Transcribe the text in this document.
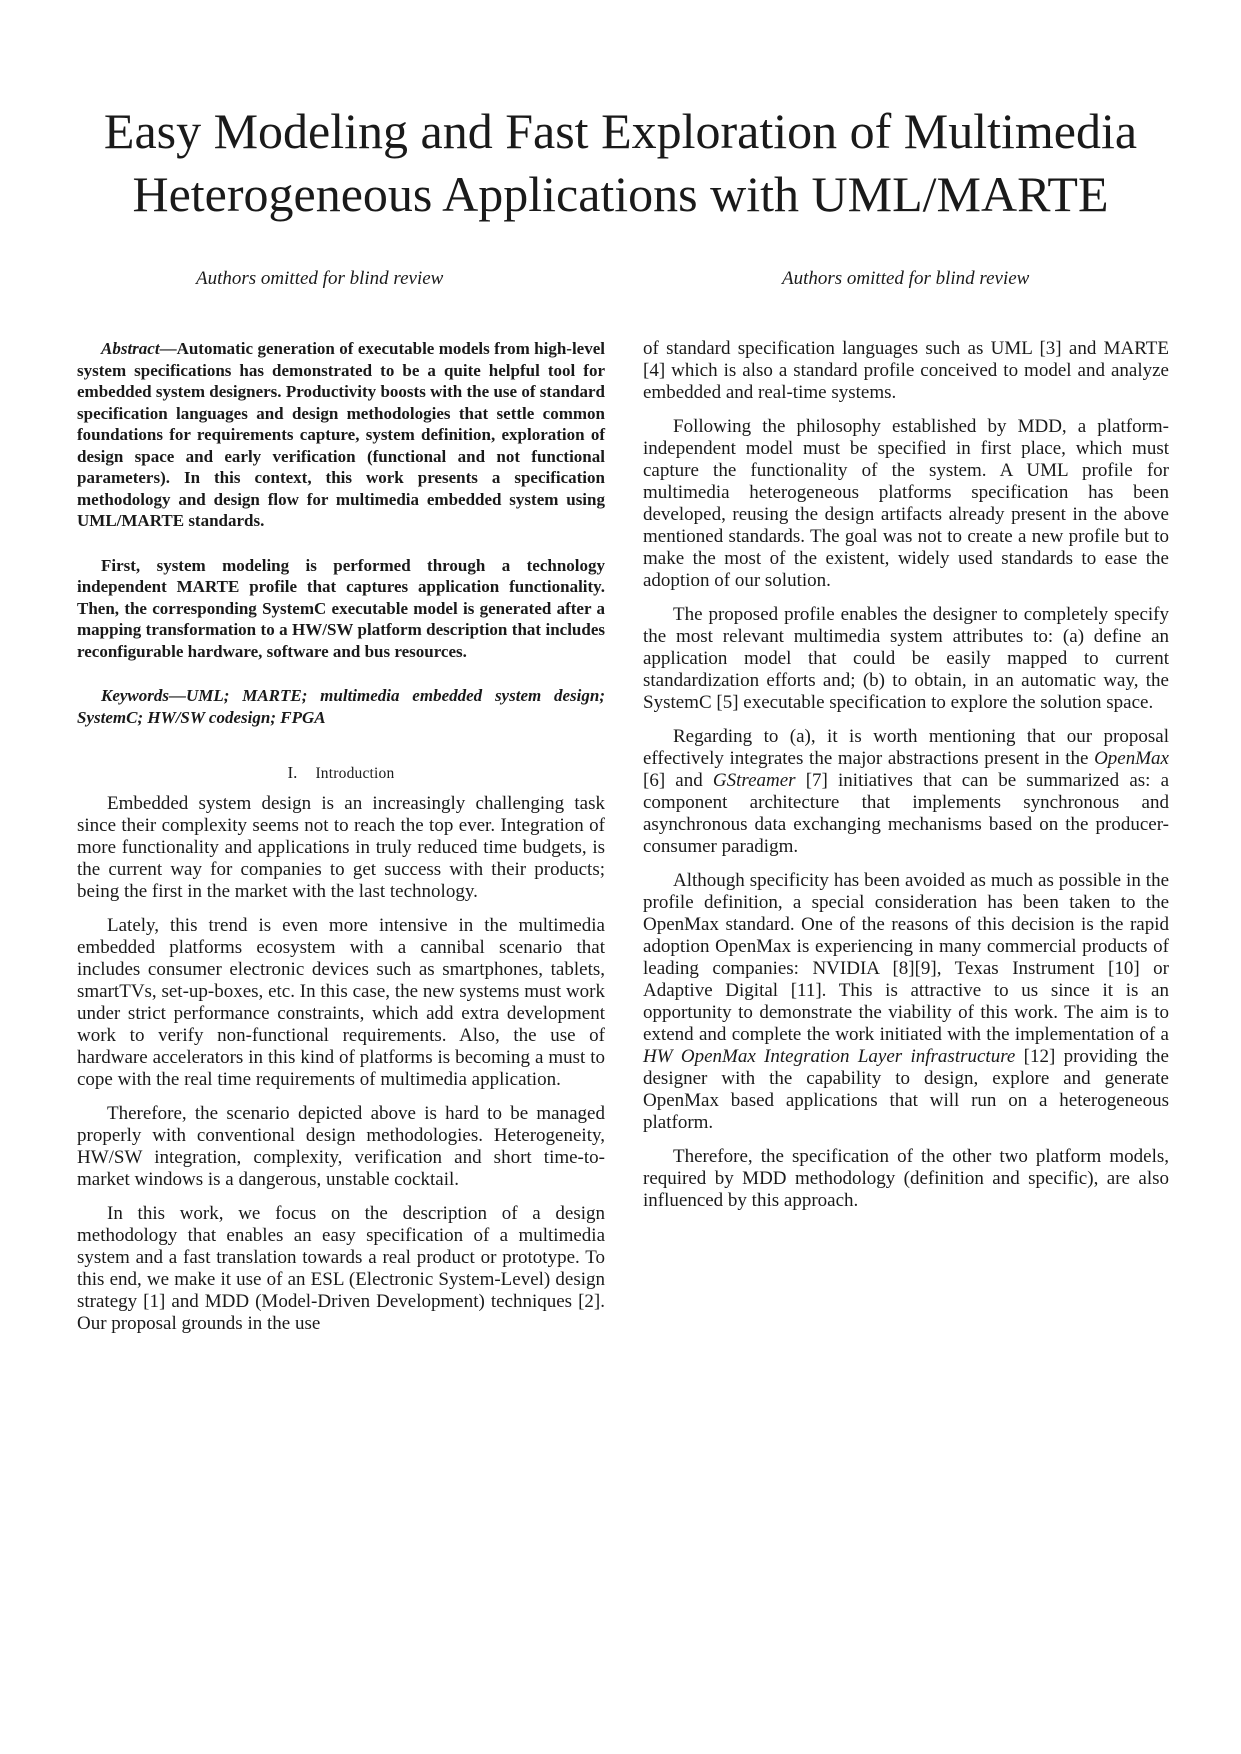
Easy Modeling and Fast Exploration of Multimedia
Heterogeneous Applications with UML/MARTE
Authors omitted for blind review	Authors omitted for blind review

Abstract—Automatic generation of executable models from high-level system specifications has demonstrated to be a quite helpful tool for embedded system designers. Productivity boosts with the use of standard specification languages and design methodologies that settle common foundations for requirements capture, system definition, exploration of design space and early verification (functional and not functional parameters). In this context, this work presents a specification methodology and design flow for multimedia embedded system using UML/MARTE standards.

First, system modeling is performed through a technology independent MARTE profile that captures application functionality. Then, the corresponding SystemC executable model is generated after a mapping transformation to a HW/SW platform description that includes reconfigurable hardware, software and bus resources.

Keywords—UML; MARTE; multimedia embedded system design; SystemC; HW/SW codesign; FPGA

I. Introduction

Embedded system design is an increasingly challenging task since their complexity seems not to reach the top ever. Integration of more functionality and applications in truly reduced time budgets, is the current way for companies to get success with their products; being the first in the market with the last technology.

Lately, this trend is even more intensive in the multimedia embedded platforms ecosystem with a cannibal scenario that includes consumer electronic devices such as smartphones, tablets, smartTVs, set-up-boxes, etc. In this case, the new systems must work under strict performance constraints, which add extra development work to verify non-functional requirements. Also, the use of hardware accelerators in this kind of platforms is becoming a must to cope with the real time requirements of multimedia application.

Therefore, the scenario depicted above is hard to be managed properly with conventional design methodologies. Heterogeneity, HW/SW integration, complexity, verification and short time-to-market windows is a dangerous, unstable cocktail.

In this work, we focus on the description of a design methodology that enables an easy specification of a multimedia system and a fast translation towards a real product or prototype. To this end, we make it use of an ESL (Electronic System-Level) design strategy [1] and MDD (Model-Driven Development) techniques [2]. Our proposal grounds in the use

of standard specification languages such as UML [3] and MARTE [4] which is also a standard profile conceived to model and analyze embedded and real-time systems.

Following the philosophy established by MDD, a platform-independent model must be specified in first place, which must capture the functionality of the system. A UML profile for multimedia heterogeneous platforms specification has been developed, reusing the design artifacts already present in the above mentioned standards. The goal was not to create a new profile but to make the most of the existent, widely used standards to ease the adoption of our solution.

The proposed profile enables the designer to completely specify the most relevant multimedia system attributes to: (a) define an application model that could be easily mapped to current standardization efforts and; (b) to obtain, in an automatic way, the SystemC [5] executable specification to explore the solution space.

Regarding to (a), it is worth mentioning that our proposal effectively integrates the major abstractions present in the OpenMax [6] and GStreamer [7] initiatives that can be summarized as: a component architecture that implements synchronous and asynchronous data exchanging mechanisms based on the producer-consumer paradigm.

Although specificity has been avoided as much as possible in the profile definition, a special consideration has been taken to the OpenMax standard. One of the reasons of this decision is the rapid adoption OpenMax is experiencing in many commercial products of leading companies: NVIDIA [8][9], Texas Instrument [10] or Adaptive Digital [11]. This is attractive to us since it is an opportunity to demonstrate the viability of this work. The aim is to extend and complete the work initiated with the implementation of a HW OpenMax Integration Layer infrastructure [12] providing the designer with the capability to design, explore and generate OpenMax based applications that will run on a heterogeneous platform.

Therefore, the specification of the other two platform models, required by MDD methodology (definition and specific), are also influenced by this approach.
